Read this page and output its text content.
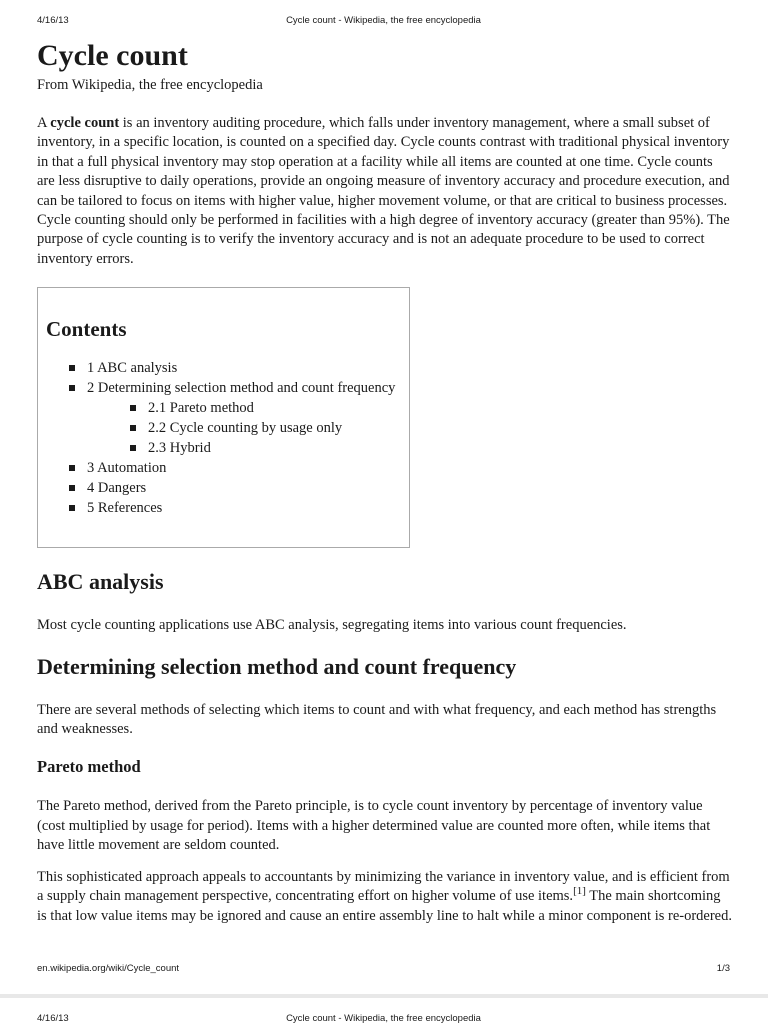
4/16/13	Cycle count - Wikipedia, the free encyclopedia
Cycle count
From Wikipedia, the free encyclopedia

A cycle count is an inventory auditing procedure, which falls under inventory management, where a small subset of inventory, in a specific location, is counted on a specified day. Cycle counts contrast with traditional physical inventory in that a full physical inventory may stop operation at a facility while all items are counted at one time. Cycle counts are less disruptive to daily operations, provide an ongoing measure of inventory accuracy and procedure execution, and can be tailored to focus on items with higher value, higher movement volume, or that are critical to business processes. Cycle counting should only be performed in facilities with a high degree of inventory accuracy (greater than 95%). The purpose of cycle counting is to verify the inventory accuracy and is not an adequate procedure to be used to correct inventory errors.

Contents
1 ABC analysis
2 Determining selection method and count frequency
2.1 Pareto method
2.2 Cycle counting by usage only
2.3 Hybrid
3 Automation
4 Dangers
5 References
ABC analysis

Most cycle counting applications use ABC analysis, segregating items into various count frequencies.

Determining selection method and count frequency

There are several methods of selecting which items to count and with what frequency, and each method has strengths and weaknesses.

Pareto method

The Pareto method, derived from the Pareto principle, is to cycle count inventory by percentage of inventory value (cost multiplied by usage for period). Items with a higher determined value are counted more often, while items that have little movement are seldom counted.

This sophisticated approach appeals to accountants by minimizing the variance in inventory value, and is efficient from a supply chain management perspective, concentrating effort on higher volume of use items.[1] The main shortcoming is that low value items may be ignored and cause an entire assembly line to halt while a minor component is re-ordered.

en.wikipedia.org/wiki/Cycle_count	1/3
4/16/13	Cycle count - Wikipedia, the free encyclopedia
